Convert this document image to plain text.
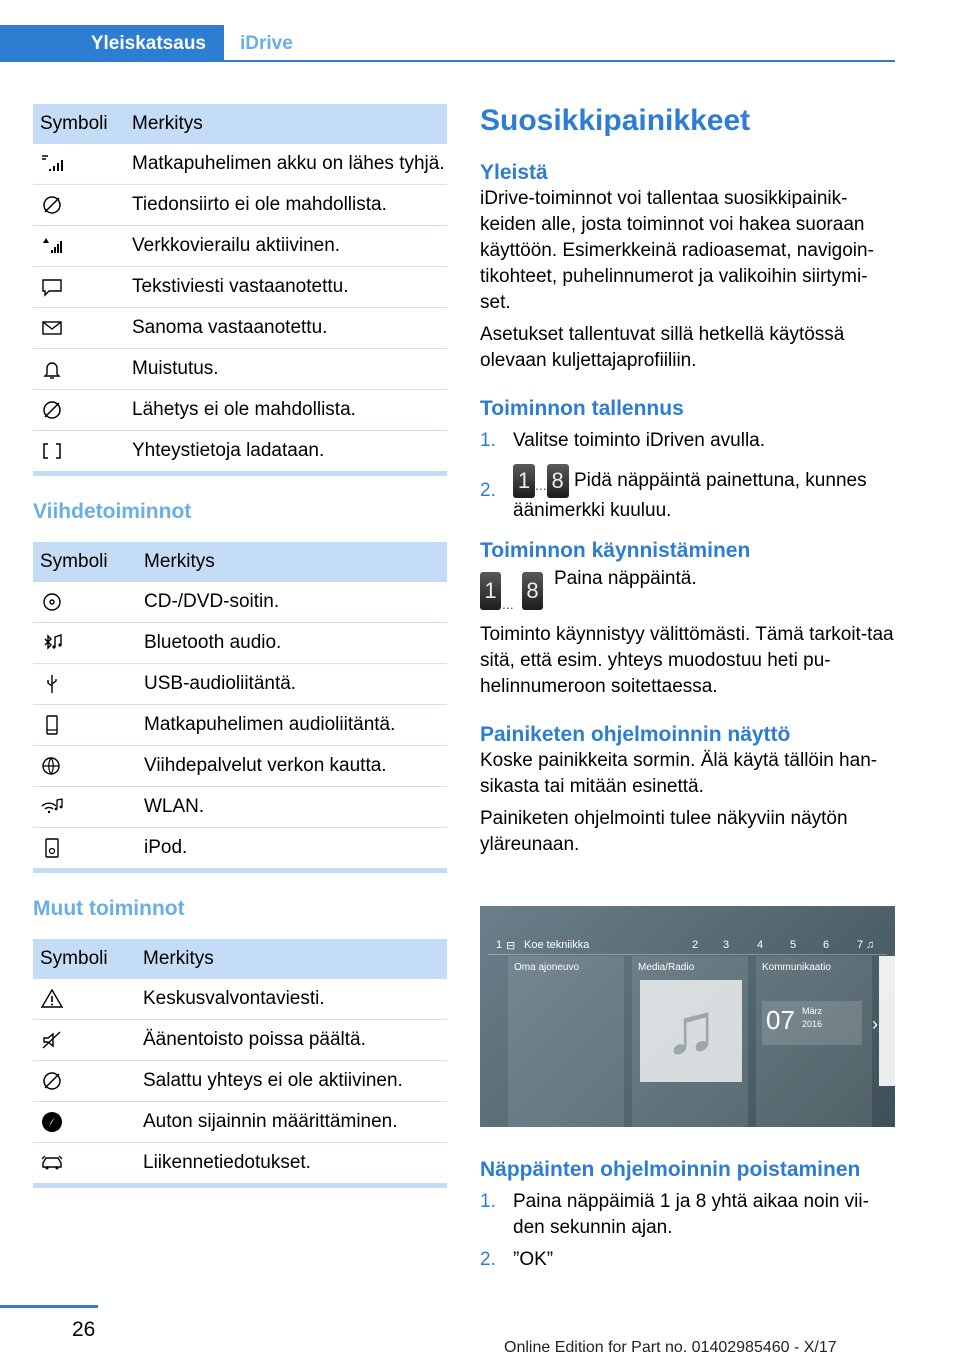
Yleiskatsaus	iDrive
Symboli	Merkitys

	Matkapuhelimen akku on lähes tyhjä.

	Tiedonsiirto ei ole mahdollista.

	Verkkovierailu aktiivinen.

	Tekstiviesti vastaanotettu.

	Sanoma vastaanotettu.

	Muistutus.

	Lähetys ei ole mahdollista.

	Yhteystietoja ladataan.
Viihdetoiminnot
Symboli	Merkitys

	CD-/DVD-soitin.

	Bluetooth audio.

	USB-audioliitäntä.

	Matkapuhelimen audioliitäntä.

	Viihdepalvelut verkon kautta.

	WLAN.

	iPod.
Muut toiminnot
Symboli	Merkitys

	Keskusvalvontaviesti.

	Äänentoisto poissa päältä.

	Salattu yhteys ei ole aktiivinen.

	Auton sijainnin määrittäminen.

	Liikennetiedotukset.
Suosikkipainikkeet
Yleistä

iDrive-toiminnot voi tallentaa suosikkipainik-keiden alle, josta toiminnot voi hakea suoraan käyttöön. Esimerkkeinä radioasemat, navigoin-tikohteet, puhelinnumerot ja valikoihin siirtymi-set.

Asetukset tallentuvat sillä hetkellä käytössä olevaan kuljettajaprofiiliin.

Toiminnon tallennus
1. Valitse toiminto iDriven avulla.
2. 1 ... 8 Pidä näppäintä painettuna, kunnes äänimerkki kuuluu.
Toiminnon käynnistäminen
1
...
8 Paina näppäintä.

Toiminto käynnistyy välittömästi. Tämä tarkoit-taa sitä, että esim. yhteys muodostuu heti pu-helinnumeroon soitettaessa.

Painiketen ohjelmoinnin näyttö

Koske painikkeita sormin. Älä käytä tällöin han-sikasta tai mitään esinettä.

Painiketen ohjelmointi tulee näkyviin näytön yläreunaan.

1 ⊟ Koe tekniikka	2 3	4 5 6	7 ♫
Oma ajoneuvo	Media/Radio
♫
Kommunikaatio
07 März
2016	›
Näppäinten ohjelmoinnin poistaminen
1. Paina näppäimiä 1 ja 8 yhtä aikaa noin vii-den sekunnin ajan.
2. ”OK”
26
Online Edition for Part no. 01402985460 - X/17
